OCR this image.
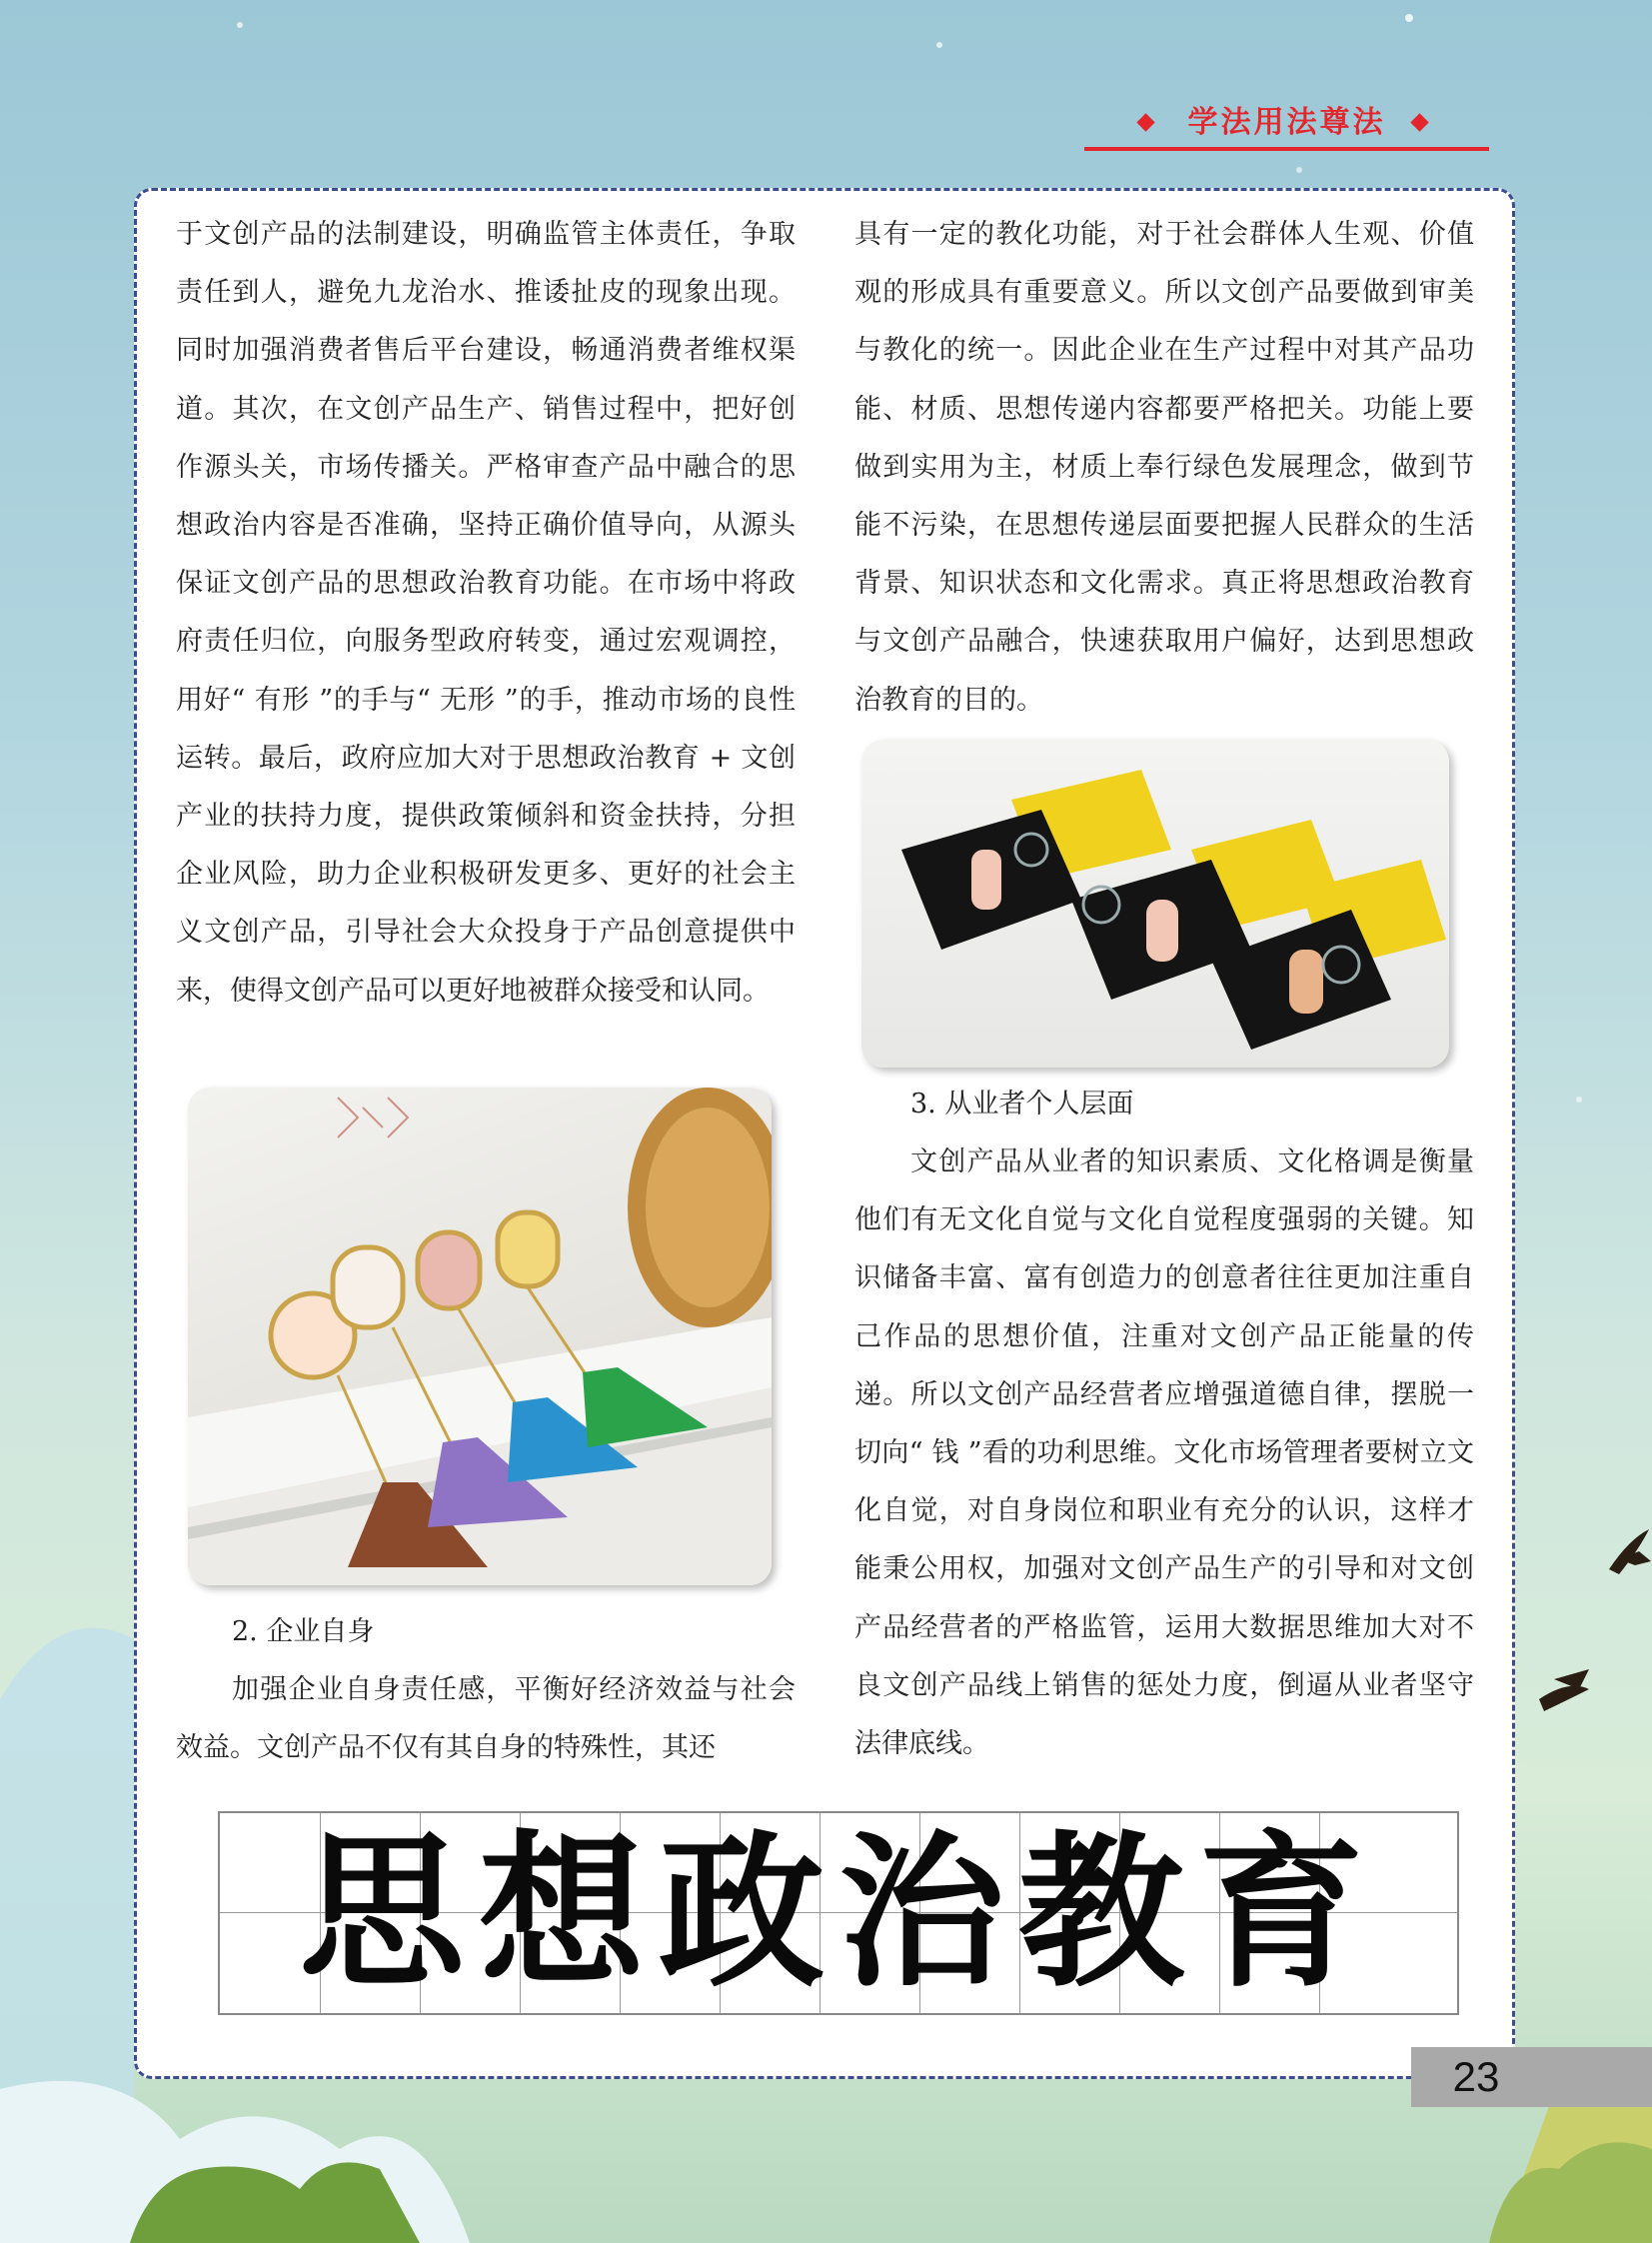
学法用法尊法

于文创产品的法制建设，明确监管主体责任，争取责任到人，避免九龙治水、推诿扯皮的现象出现。同时加强消费者售后平台建设，畅通消费者维权渠道。其次，在文创产品生产、销售过程中，把好创作源头关，市场传播关。严格审查产品中融合的思想政治内容是否准确，坚持正确价值导向，从源头保证文创产品的思想政治教育功能。在市场中将政府责任归位，向服务型政府转变，通过宏观调控，用好“ 有形 ”的手与“ 无形 ”的手，推动市场的良性运转。最后，政府应加大对于思想政治教育 + 文创产业的扶持力度，提供政策倾斜和资金扶持，分担企业风险，助力企业积极研发更多、更好的社会主义文创产品，引导社会大众投身于产品创意提供中来，使得文创产品可以更好地被群众接受和认同。

2. 企业自身

加强企业自身责任感，平衡好经济效益与社会效益。文创产品不仅有其自身的特殊性，其还

具有一定的教化功能，对于社会群体人生观、价值观的形成具有重要意义。所以文创产品要做到审美与教化的统一。因此企业在生产过程中对其产品功能、材质、思想传递内容都要严格把关。功能上要做到实用为主，材质上奉行绿色发展理念，做到节能不污染，在思想传递层面要把握人民群众的生活背景、知识状态和文化需求。真正将思想政治教育与文创产品融合，快速获取用户偏好，达到思想政治教育的目的。

3. 从业者个人层面

文创产品从业者的知识素质、文化格调是衡量他们有无文化自觉与文化自觉程度强弱的关键。知识储备丰富、富有创造力的创意者往往更加注重自己作品的思想价值，注重对文创产品正能量的传递。所以文创产品经营者应增强道德自律，摆脱一切向“ 钱 ”看的功利思维。文化市场管理者要树立文化自觉，对自身岗位和职业有充分的认识，这样才能秉公用权，加强对文创产品生产的引导和对文创产品经营者的严格监管，运用大数据思维加大对不良文创产品线上销售的惩处力度，倒逼从业者坚守法律底线。

思想政治教育
23
